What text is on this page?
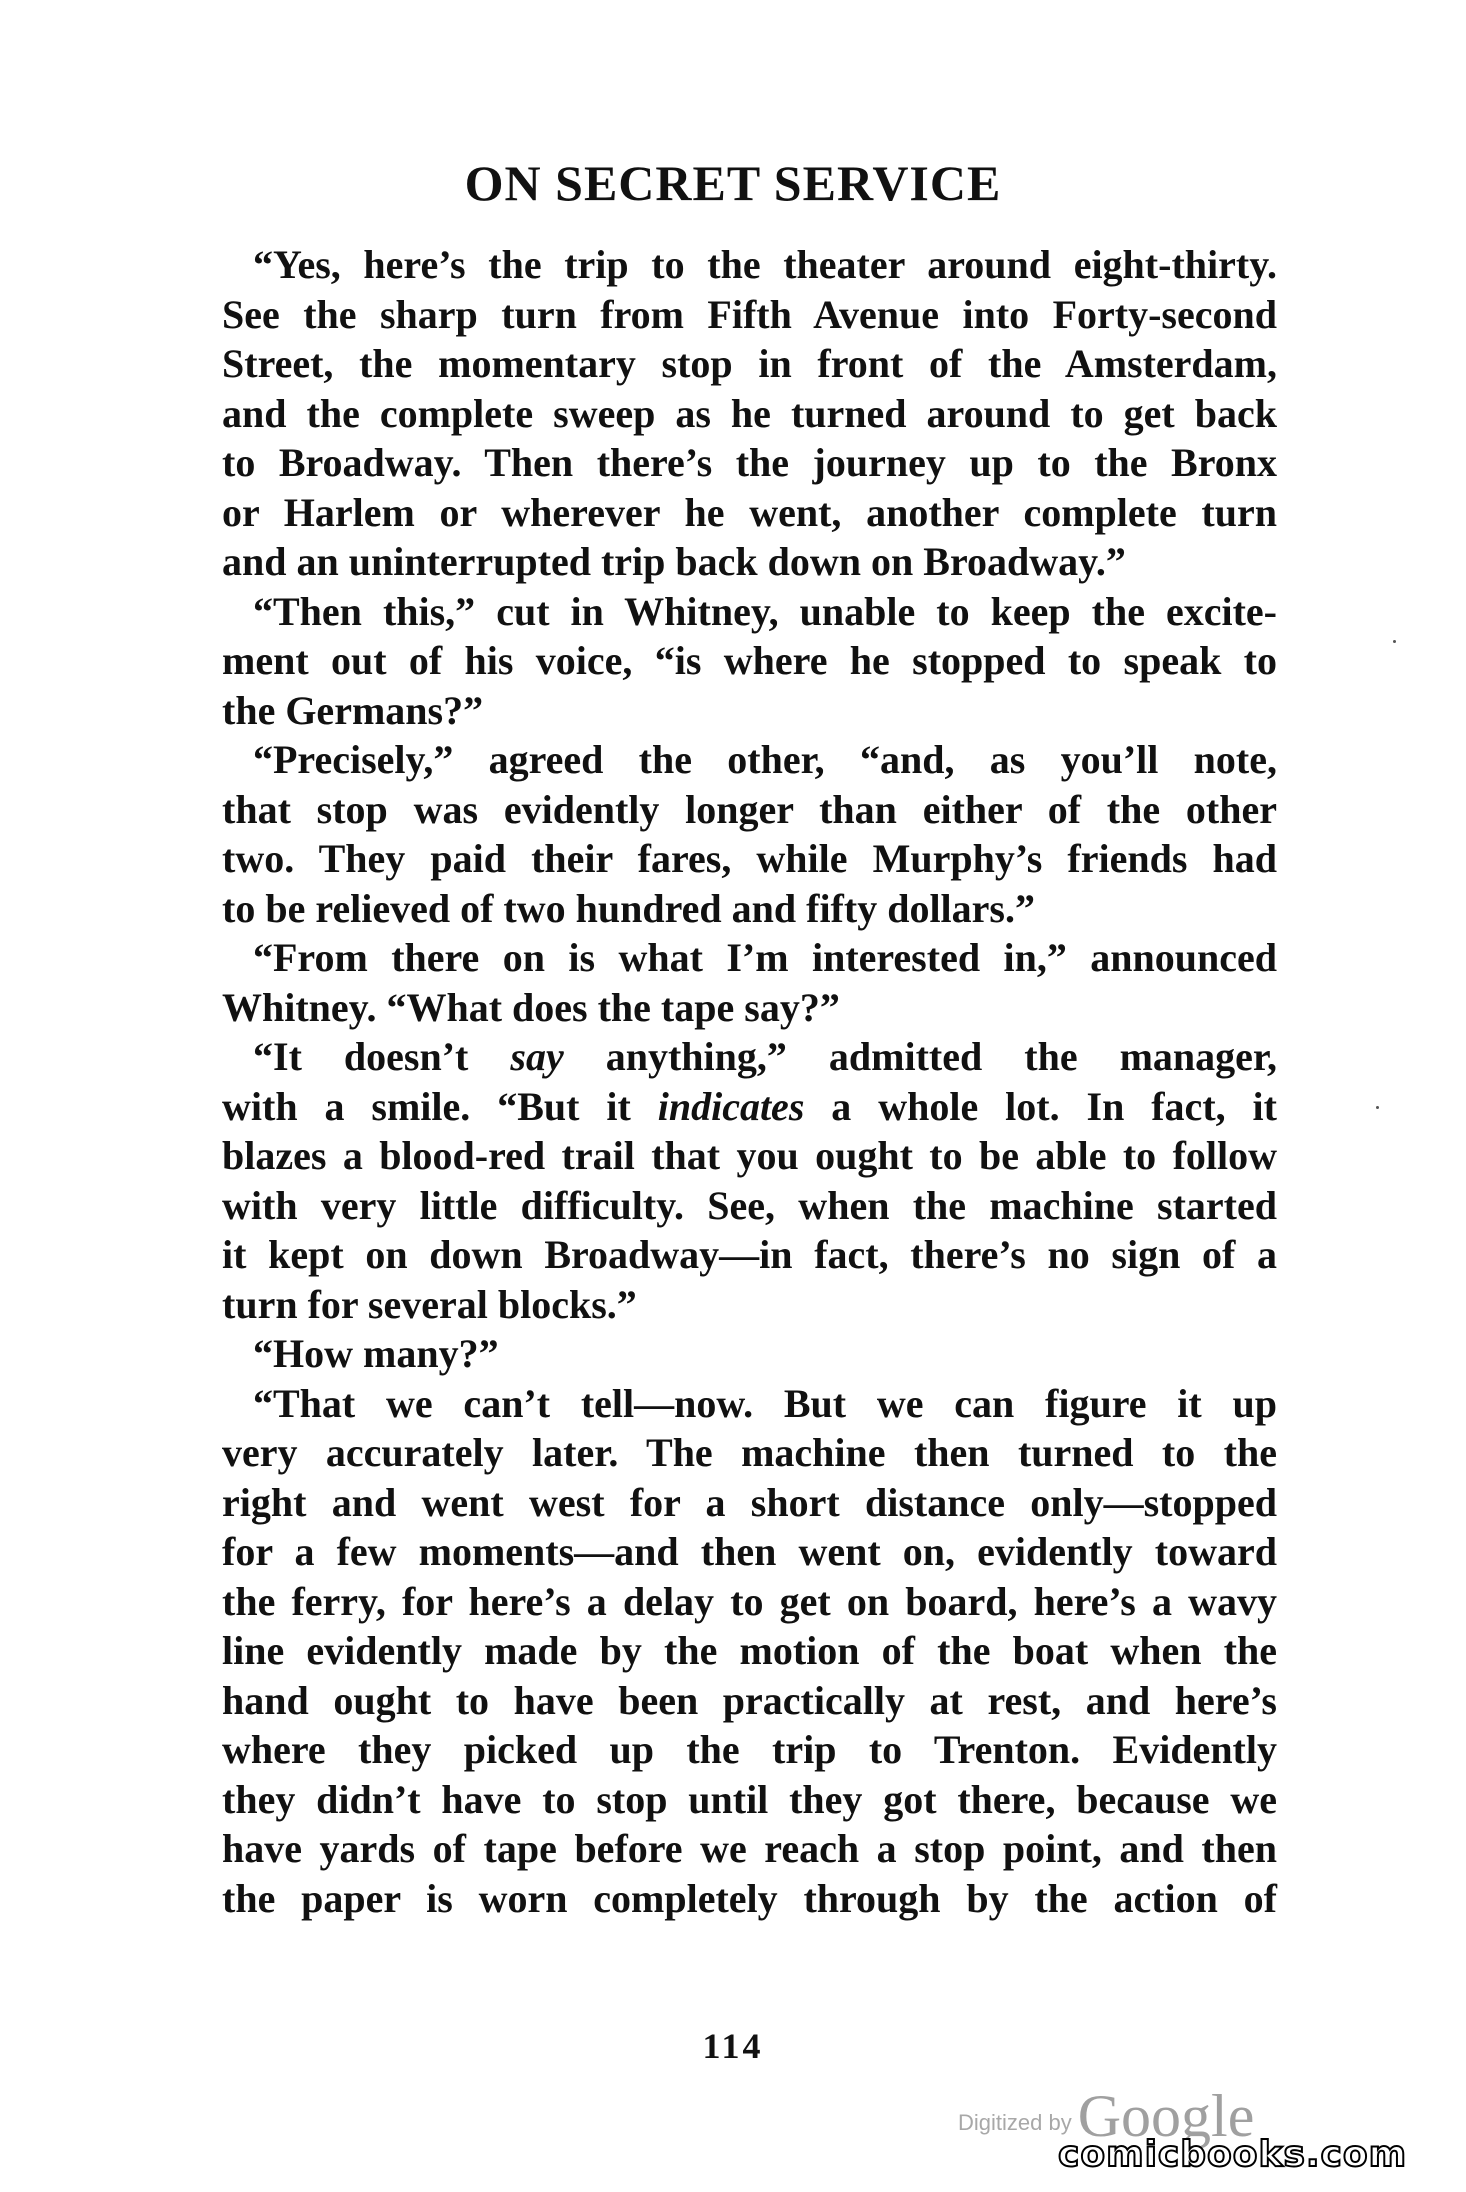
ON SECRET SERVICE
“Yes, here’s the trip to the theater around eight-thirty.
See the sharp turn from Fifth Avenue into Forty-second
Street, the momentary stop in front of the Amsterdam,
and the complete sweep as he turned around to get back
to Broadway. Then there’s the journey up to the Bronx
or Harlem or wherever he went, another complete turn
and an uninterrupted trip back down on Broadway.”
“Then this,” cut in Whitney, unable to keep the excite-
ment out of his voice, “is where he stopped to speak to
the Germans?”
“Precisely,” agreed the other, “and, as you’ll note,
that stop was evidently longer than either of the other
two. They paid their fares, while Murphy’s friends had
to be relieved of two hundred and fifty dollars.”
“From there on is what I’m interested in,” announced
Whitney. “What does the tape say?”
“It doesn’t say anything,” admitted the manager,
with a smile. “But it indicates a whole lot. In fact, it
blazes a blood-red trail that you ought to be able to follow
with very little difficulty. See, when the machine started
it kept on down Broadway—in fact, there’s no sign of a
turn for several blocks.”
“How many?”
“That we can’t tell—now. But we can figure it up
very accurately later. The machine then turned to the
right and went west for a short distance only—stopped
for a few moments—and then went on, evidently toward
the ferry, for here’s a delay to get on board, here’s a wavy
line evidently made by the motion of the boat when the
hand ought to have been practically at rest, and here’s
where they picked up the trip to Trenton. Evidently
they didn’t have to stop until they got there, because we
have yards of tape before we reach a stop point, and then
the paper is worn completely through by the action of
114
Digitized by Google
comicbooks.com
